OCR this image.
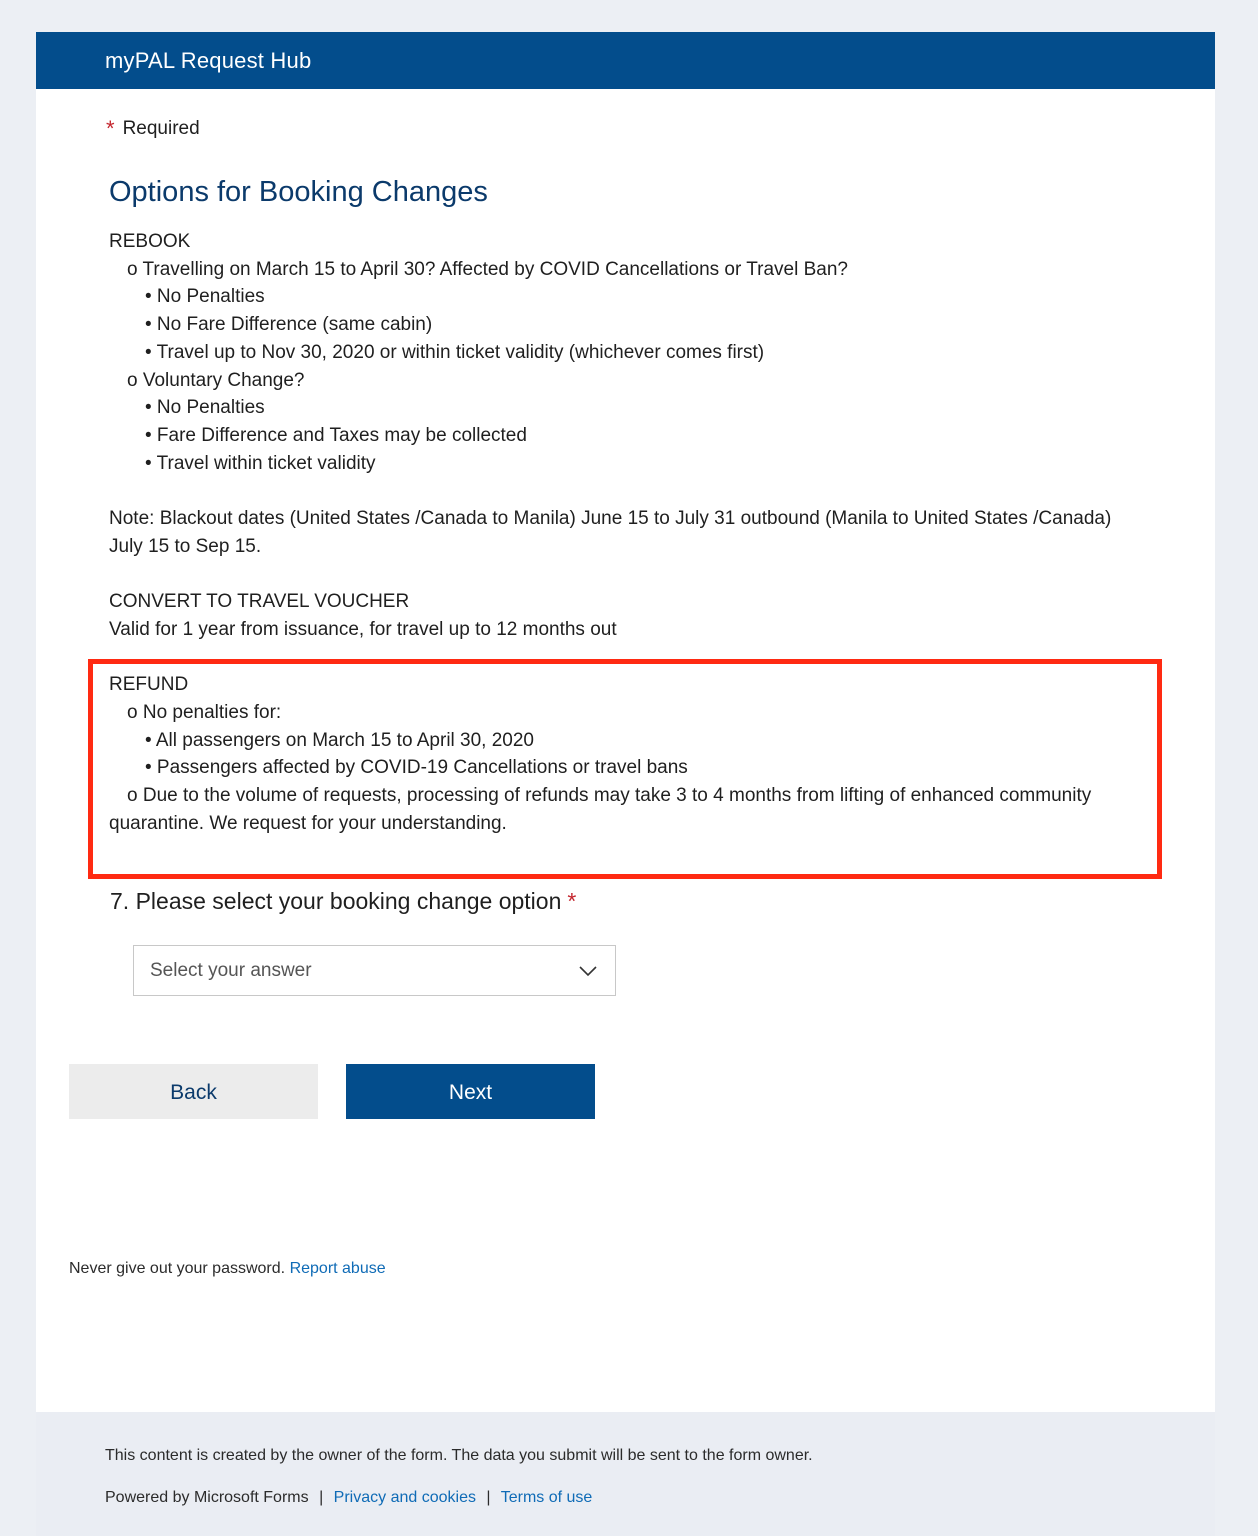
myPAL Request Hub
* Required
Options for Booking Changes

REBOOK

o Travelling on March 15 to April 30? Affected by COVID Cancellations or Travel Ban?

• No Penalties

• No Fare Difference (same cabin)

• Travel up to Nov 30, 2020 or within ticket validity (whichever comes first)

o Voluntary Change?

• No Penalties

• Fare Difference and Taxes may be collected

• Travel within ticket validity

Note: Blackout dates (United States /Canada to Manila) June 15 to July 31 outbound (Manila to United States /Canada)

July 15 to Sep 15.

CONVERT TO TRAVEL VOUCHER

Valid for 1 year from issuance, for travel up to 12 months out

REFUND

o No penalties for:

• All passengers on March 15 to April 30, 2020

• Passengers affected by COVID-19 Cancellations or travel bans

o Due to the volume of requests, processing of refunds may take 3 to 4 months from lifting of enhanced community

quarantine. We request for your understanding.

7. Please select your booking change option *
Select your answer
Back	Next
Never give out your password. Report abuse
This content is created by the owner of the form. The data you submit will be sent to the form owner.
Powered by Microsoft Forms | Privacy and cookies | Terms of use
